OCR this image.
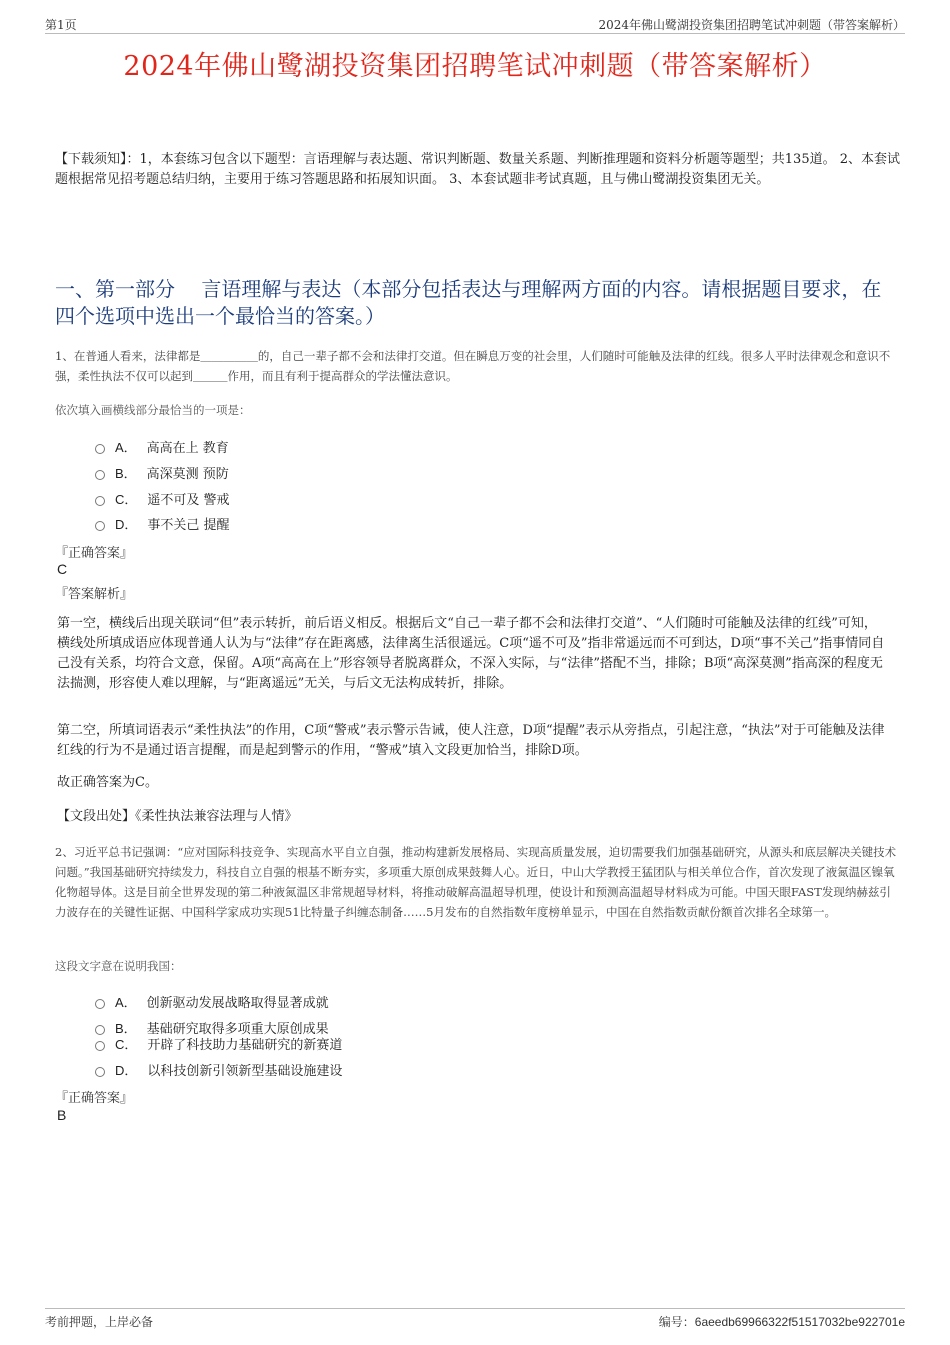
第1页	2024年佛山鹭湖投资集团招聘笔试冲刺题（带答案解析）
2024年佛山鹭湖投资集团招聘笔试冲刺题（带答案解析）
【下载须知】：1，本套练习包含以下题型：言语理解与表达题、常识判断题、数量关系题、判断推理题和资料分析题等题型；共135道。 2、本套试题根据常见招考题总结归纳，主要用于练习答题思路和拓展知识面。 3、本套试题非考试真题，且与佛山鹭湖投资集团无关。
一、第一部分　 言语理解与表达（本部分包括表达与理解两方面的内容。请根据题目要求，在四个选项中选出一个最恰当的答案。）
1、在普通人看来，法律都是＿＿＿＿＿的，自己一辈子都不会和法律打交道。但在瞬息万变的社会里，人们随时可能触及法律的红线。很多人平时法律观念和意识不强，柔性执法不仅可以起到＿＿＿作用，而且有利于提高群众的学法懂法意识。
依次填入画横线部分最恰当的一项是：
A． 高高在上 教育
B． 高深莫测 预防
C． 遥不可及 警戒
D． 事不关己 提醒
『正确答案』
C
『答案解析』
第一空，横线后出现关联词“但”表示转折，前后语义相反。根据后文“自己一辈子都不会和法律打交道”、“人们随时可能触及法律的红线”可知，横线处所填成语应体现普通人认为与“法律”存在距离感，法律离生活很遥远。C项“遥不可及”指非常遥远而不可到达，D项“事不关己”指事情同自己没有关系，均符合文意，保留。A项“高高在上”形容领导者脱离群众，不深入实际，与“法律”搭配不当，排除；B项“高深莫测”指高深的程度无法揣测，形容使人难以理解，与“距离遥远”无关，与后文无法构成转折，排除。
第二空，所填词语表示“柔性执法”的作用，C项“警戒”表示警示告诫，使人注意，D项“提醒”表示从旁指点，引起注意，“执法”对于可能触及法律红线的行为不是通过语言提醒，而是起到警示的作用，“警戒”填入文段更加恰当，排除D项。
故正确答案为C。
【文段出处】《柔性执法兼容法理与人情》
2、习近平总书记强调：“应对国际科技竞争、实现高水平自立自强，推动构建新发展格局、实现高质量发展，迫切需要我们加强基础研究，从源头和底层解决关键技术问题。”我国基础研究持续发力，科技自立自强的根基不断夯实，多项重大原创成果鼓舞人心。近日，中山大学教授王猛团队与相关单位合作，首次发现了液氮温区镍氧化物超导体。这是目前全世界发现的第二种液氮温区非常规超导材料，将推动破解高温超导机理，使设计和预测高温超导材料成为可能。中国天眼FAST发现纳赫兹引力波存在的关键性证据、中国科学家成功实现51比特量子纠缠态制备……5月发布的自然指数年度榜单显示，中国在自然指数贡献份额首次排名全球第一。
这段文字意在说明我国：
A． 创新驱动发展战略取得显著成就
B． 基础研究取得多项重大原创成果
C． 开辟了科技助力基础研究的新赛道
D． 以科技创新引领新型基础设施建设
『正确答案』
B
考前押题，上岸必备	编号：6aeedb69966322f51517032be922701e
